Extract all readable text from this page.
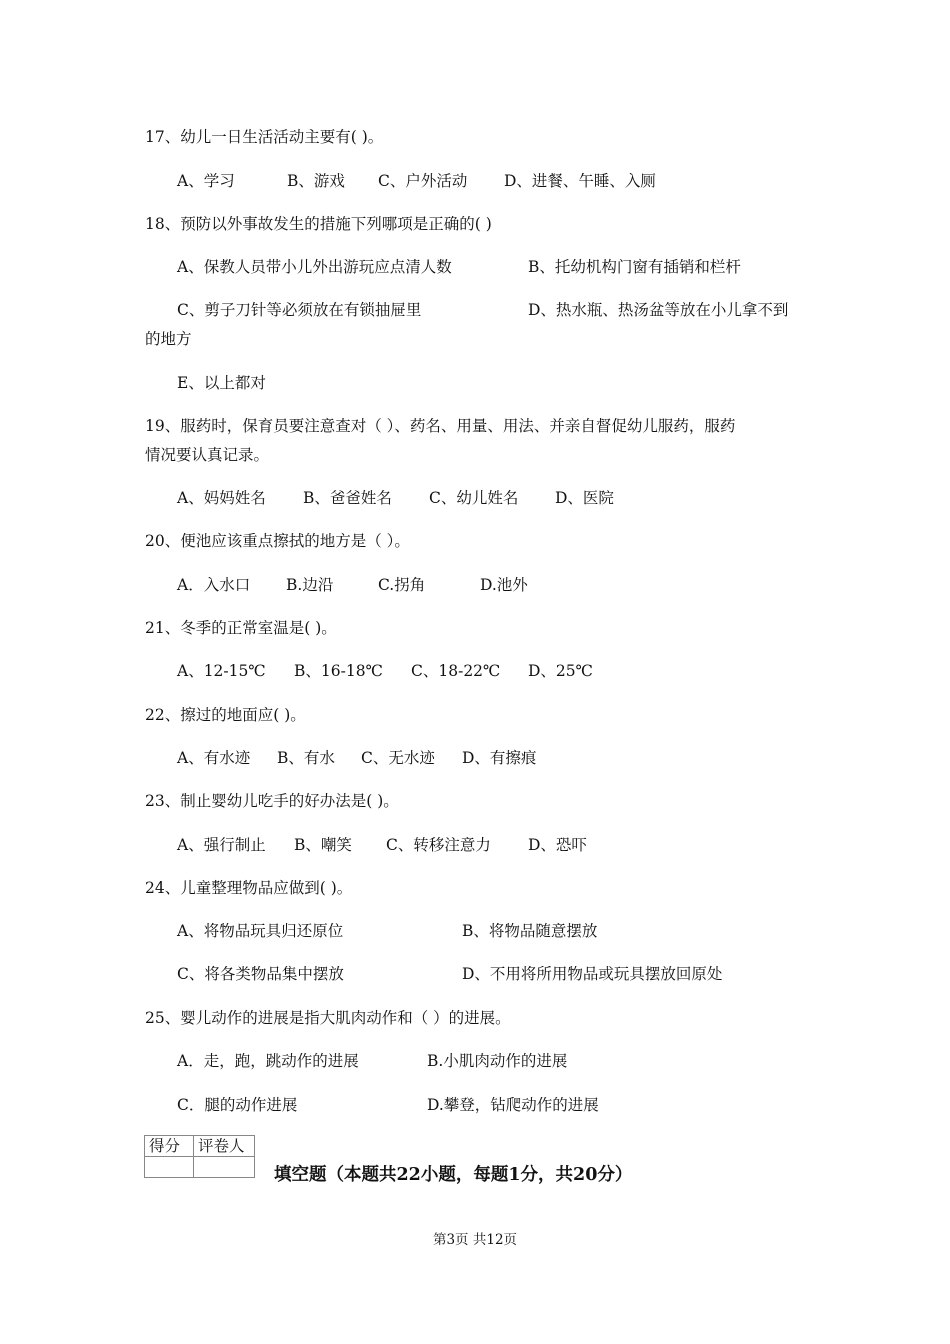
17、幼儿一日生活活动主要有( )。
A、学习	B、游戏 C、户外活动 D、进餐、午睡、入厕
18、预防以外事故发生的措施下列哪项是正确的( )
A、保教人员带小儿外出游玩应点清人数	B、托幼机构门窗有插销和栏杆
C、剪子刀针等必须放在有锁抽屉里	D、热水瓶、热汤盆等放在小儿拿不到
的地方
E、以上都对
19、服药时，保育员要注意查对（ ）、药名、用量、用法、并亲自督促幼儿服药，服药
情况要认真记录。
A、妈妈姓名 B、爸爸姓名 C、幼儿姓名 D、医院
20、便池应该重点擦拭的地方是（ ）。
A．入水口 B.边沿	C.拐角	D.池外
21、冬季的正常室温是( )。
A、12-15℃ B、16-18℃ C、18-22℃ D、25℃
22、擦过的地面应( )。
A、有水迹 B、有水 C、无水迹 D、有擦痕
23、制止婴幼儿吃手的好办法是( )。
A、强行制止 B、嘲笑 C、转移注意力 D、恐吓
24、儿童整理物品应做到( )。
A、将物品玩具归还原位	B、将物品随意摆放
C、将各类物品集中摆放	D、不用将所用物品或玩具摆放回原处
25、婴儿动作的进展是指大肌肉动作和（ ）的进展。
A．走，跑，跳动作的进展	B.小肌肉动作的进展
C．腿的动作进展	D.攀登，钻爬动作的进展
得分	评卷人

填空题（本题共22小题，每题1分，共20分）
第3页 共12页
